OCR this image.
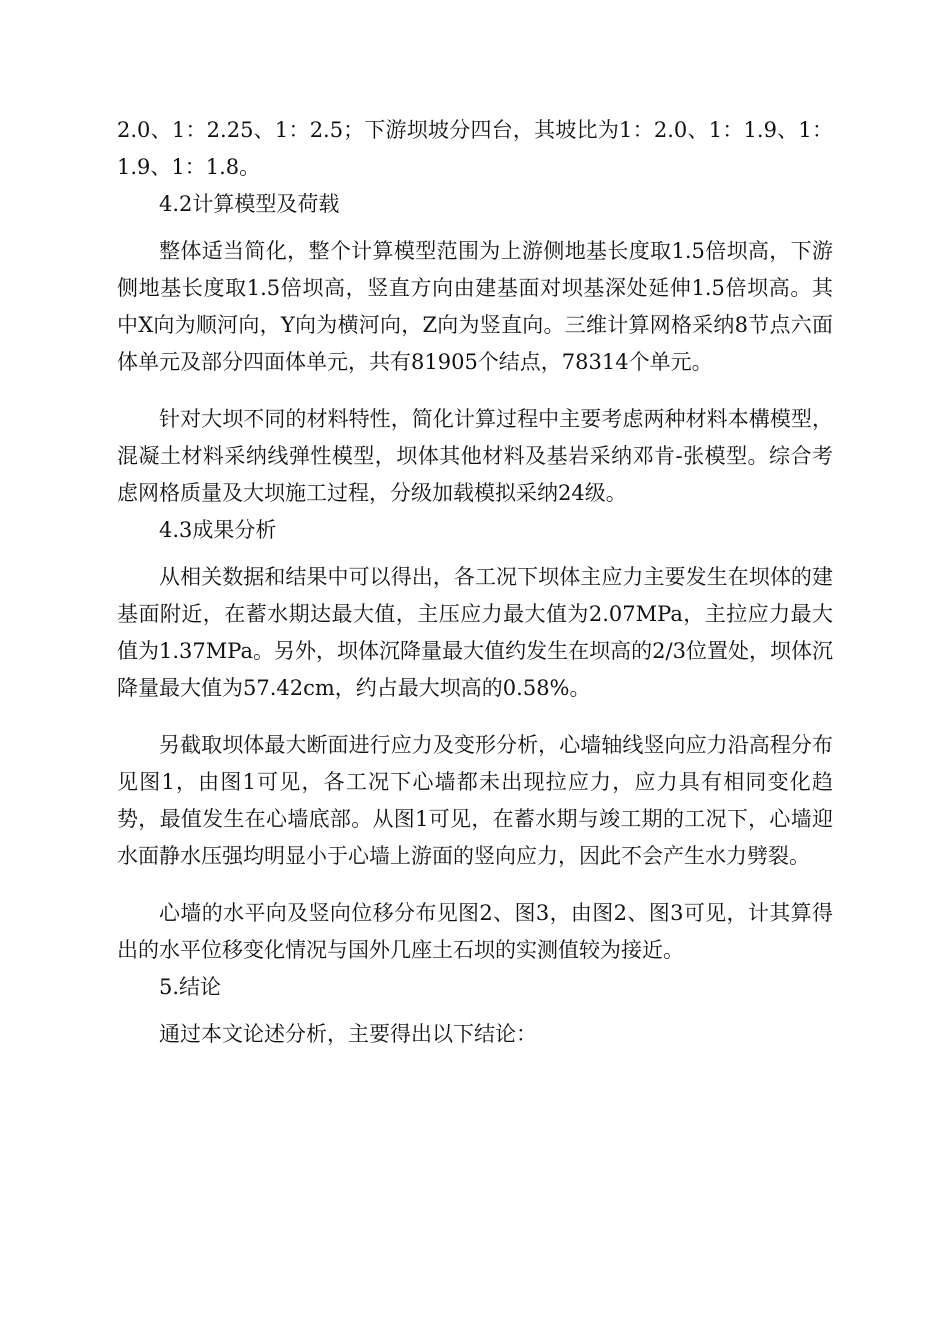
2.0、1：2.25、1：2.5；下游坝坡分四台，其坡比为1：2.0、1：1.9、1：1.9、1：1.8。

4.2计算模型及荷载

整体适当简化，整个计算模型范围为上游侧地基长度取1.5倍坝高，下游侧地基长度取1.5倍坝高，竖直方向由建基面对坝基深处延伸1.5倍坝高。其中X向为顺河向，Y向为横河向，Z向为竖直向。三维计算网格采纳8节点六面体单元及部分四面体单元，共有81905个结点，78314个单元。

针对大坝不同的材料特性，简化计算过程中主要考虑两种材料本構模型，混凝土材料采纳线弹性模型，坝体其他材料及基岩采纳邓肯-张模型。综合考虑网格质量及大坝施工过程，分级加载模拟采纳24级。

4.3成果分析

从相关数据和结果中可以得出，各工况下坝体主应力主要发生在坝体的建基面附近，在蓄水期达最大值，主压应力最大值为2.07MPa，主拉应力最大值为1.37MPa。另外，坝体沉降量最大值约发生在坝高的2/3位置处，坝体沉降量最大值为57.42cm，约占最大坝高的0.58%。

另截取坝体最大断面进行应力及变形分析，心墙轴线竖向应力沿高程分布见图1，由图1可见，各工况下心墙都未出现拉应力，应力具有相同变化趋势，最值发生在心墙底部。从图1可见，在蓄水期与竣工期的工况下，心墙迎水面静水压强均明显小于心墙上游面的竖向应力，因此不会产生水力劈裂。

心墙的水平向及竖向位移分布见图2、图3，由图2、图3可见，计其算得出的水平位移变化情况与国外几座土石坝的实测值较为接近。

5.结论

通过本文论述分析，主要得出以下结论：
